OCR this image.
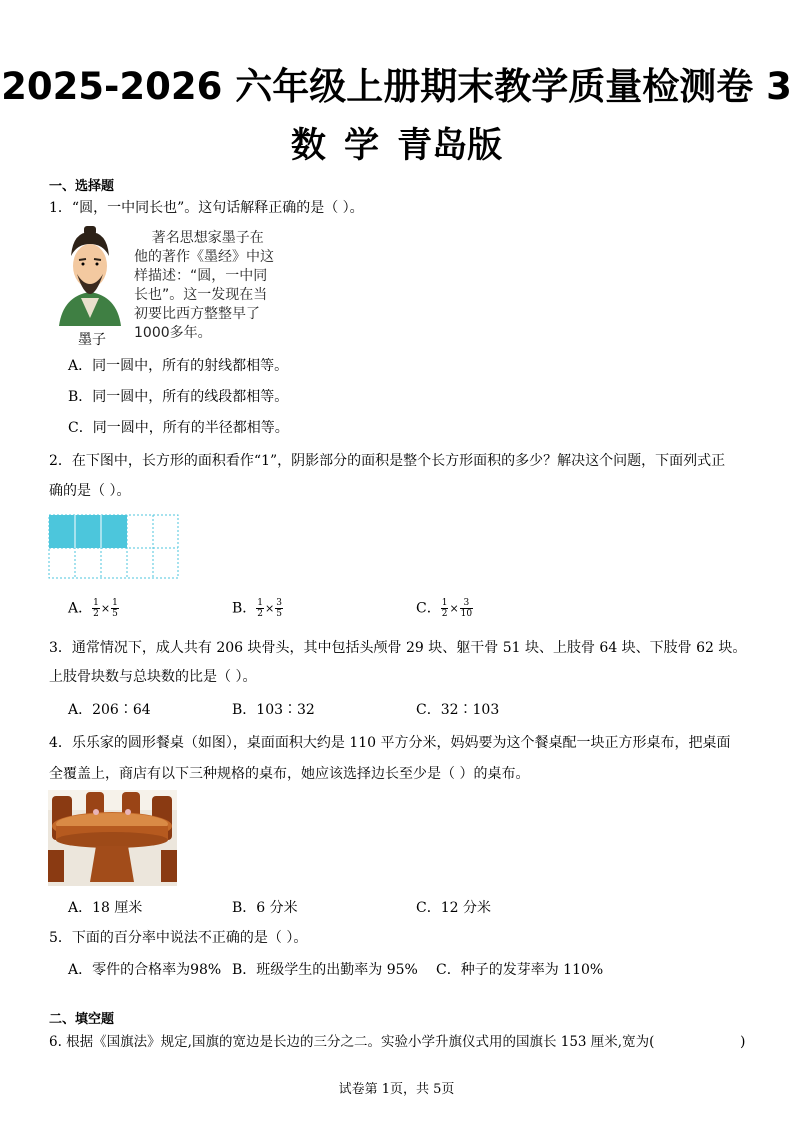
2025-2026 六年级上册期末教学质量检测卷 3
数 学 青岛版
一、选择题
1．“圆，一中同长也”。这句话解释正确的是（ ）。
著名思想家墨子在
他的著作《墨经》中这
样描述：“圆，一中同
长也”。这一发现在当
初要比西方整整早了
1000多年。
墨子
A．同一圆中，所有的射线都相等。
B．同一圆中，所有的线段都相等。
C．同一圆中，所有的半径都相等。
2．在下图中，长方形的面积看作“1”，阴影部分的面积是整个长方形面积的多少？解决这个问题，下面列式正
确的是（ ）。
A． $\frac{1}{2} \times \frac{1}{5}$	B． $\frac{1}{2} \times \frac{3}{5}$	C． $\frac{1}{2} \times \frac{3}{10}$
3．通常情况下，成人共有 206 块骨头，其中包括头颅骨 29 块、躯干骨 51 块、上肢骨 64 块、下肢骨 62 块。
上肢骨块数与总块数的比是（ ）。
A．206∶64	B．103∶32	C．32∶103
4．乐乐家的圆形餐桌（如图），桌面面积大约是 110 平方分米，妈妈要为这个餐桌配一块正方形桌布，把桌面
全覆盖上，商店有以下三种规格的桌布，她应该选择边长至少是（ ）的桌布。
A．18 厘米	B．6 分米	C．12 分米
5．下面的百分率中说法不正确的是（ ）。
A．零件的合格率为98% B．班级学生的出勤率为 95% C．种子的发芽率为 110%
二、填空题
6. 根据《国旗法》规定,国旗的宽边是长边的三分之二。实验小学升旗仪式用的国旗长 153 厘米,宽为(	)
试卷第 1页，共 5页
